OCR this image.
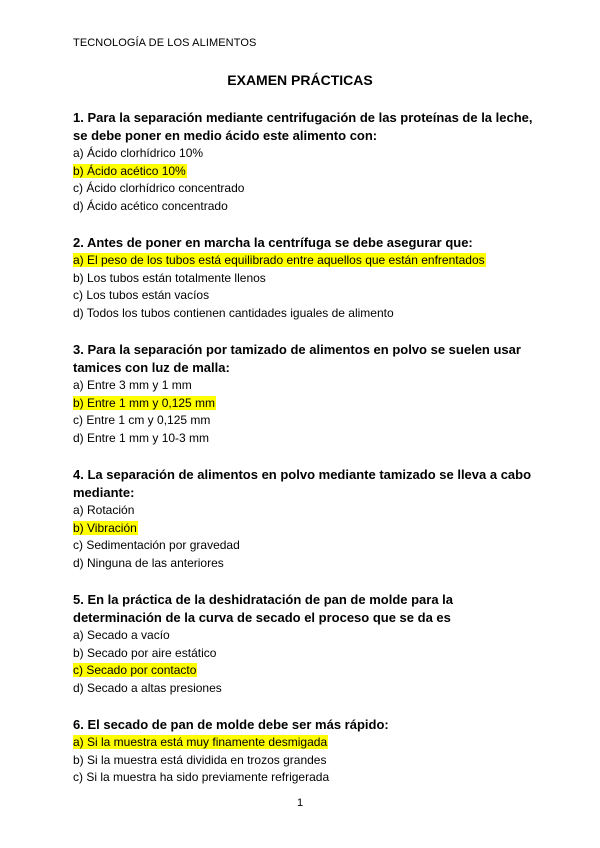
TECNOLOGÍA DE LOS ALIMENTOS
EXAMEN PRÁCTICAS
1. Para la separación mediante centrifugación de las proteínas de la leche, se debe poner en medio ácido este alimento con:
a) Ácido clorhídrico 10%
b) Ácido acético 10%
c) Ácido clorhídrico concentrado
d) Ácido acético concentrado
2. Antes de poner en marcha la centrífuga se debe asegurar que:
a) El peso de los tubos está equilibrado entre aquellos que están enfrentados
b) Los tubos están totalmente llenos
c) Los tubos están vacíos
d) Todos los tubos contienen cantidades iguales de alimento
3. Para la separación por tamizado de alimentos en polvo se suelen usar tamices con luz de malla:
a) Entre 3 mm y 1 mm
b) Entre 1 mm y 0,125 mm
c) Entre 1 cm y 0,125 mm
d) Entre 1 mm y 10-3 mm
4. La separación de alimentos en polvo mediante tamizado se lleva a cabo mediante:
a) Rotación
b) Vibración
c) Sedimentación por gravedad
d) Ninguna de las anteriores
5. En la práctica de la deshidratación de pan de molde para la determinación de la curva de secado el proceso que se da es
a) Secado a vacío
b) Secado por aire estático
c) Secado por contacto
d) Secado a altas presiones
6. El secado de pan de molde debe ser más rápido:
a) Si la muestra está muy finamente desmigada
b) Si la muestra está dividida en trozos grandes
c) Si la muestra ha sido previamente refrigerada
1
